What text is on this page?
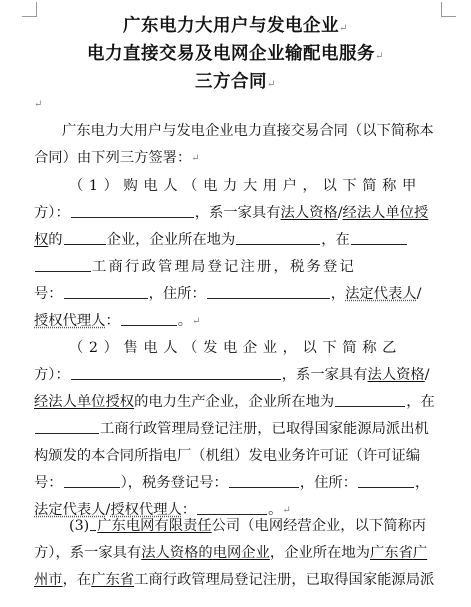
广东电力大用户与发电企业↵
电力直接交易及电网企业输配电服务↵
三方合同↵
↵
广东电力大用户与发电企业电力直接交易合同（以下简称本
合同）由下列三方签署： ↵
（1）购电人（电力大用户，以下简称甲
方）：	，系一家具有 法人资格 / 经法人单位授
权 的	企业，企业所在地为	，在
工商行政管理局登记注册，税务登记
号：	，住所：	， 法定代表人 /
授权代理人 ：	。 ↵
（2）售电人（发电企业，以下简称乙
方）：	，系一家具有 法人资格 /
经法人单位授权 的电力生产企业，企业所在地为	，在
工商行政管理局登记注册，已取得国家能源局派出机
构颁发的本合同所指电厂（机组）发电业务许可证（许可证编
号：	），税务登记号：	，住所：	，
法定代表人 / 授权代理人 ：	。 ↵
(3) 广东电网有限责任 公司（电网经营企业，以下简称丙
方），系一家具有 法人资格的 电网企业 ，企业所在地为 广东省广
州市 ，在 广东省 工商行政管理局登记注册，已取得国家能源局派
